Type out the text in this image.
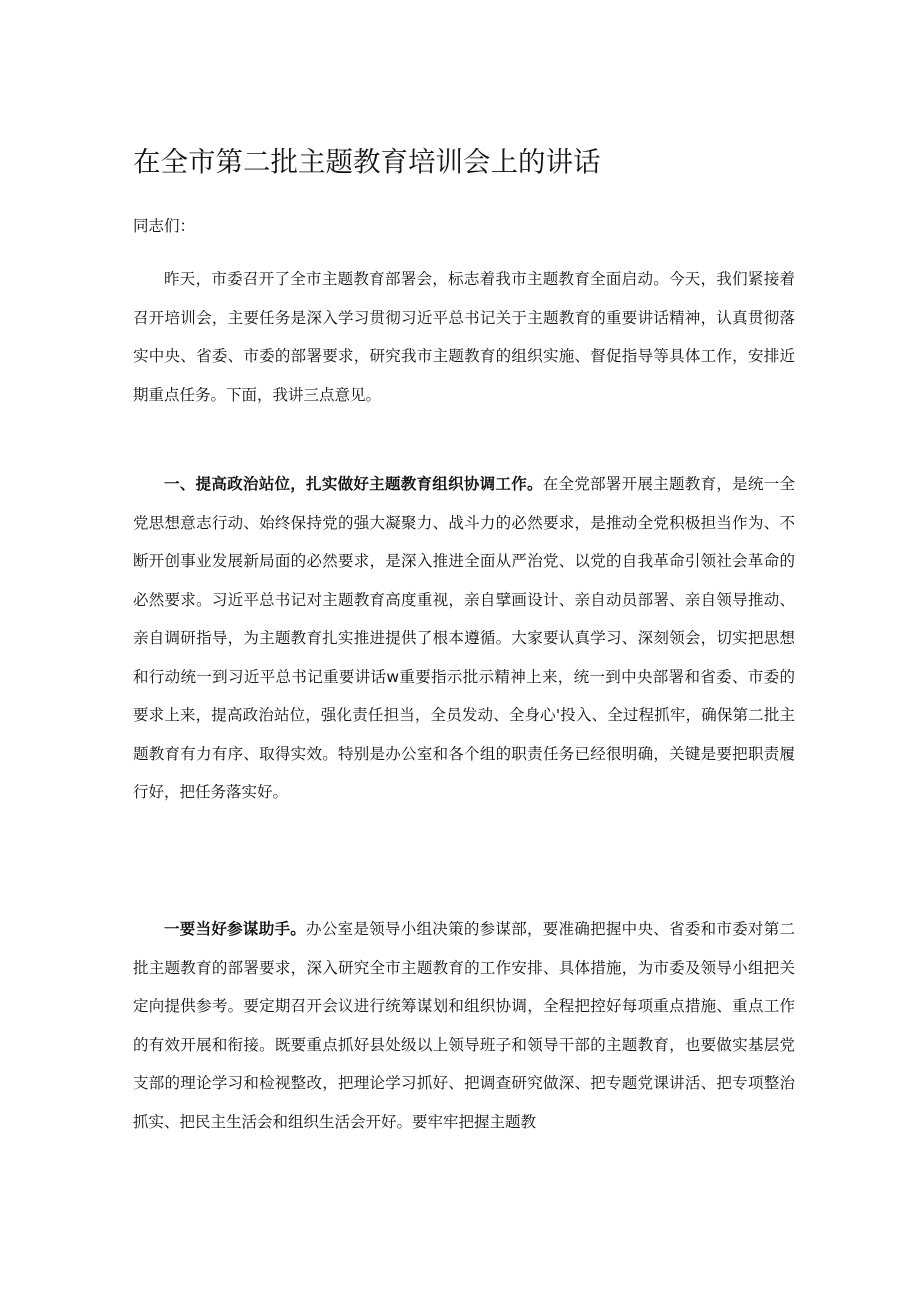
在全市第二批主题教育培训会上的讲话

同志们：

昨天，市委召开了全市主题教育部署会，标志着我市主题教育全面启动。今天，我们紧接着召开培训会，主要任务是深入学习贯彻习近平总书记关于主题教育的重要讲话精神，认真贯彻落实中央、省委、市委的部署要求，研究我市主题教育的组织实施、督促指导等具体工作，安排近期重点任务。下面，我讲三点意见。

一、提高政治站位，扎实做好主题教育组织协调工作。在全党部署开展主题教育，是统一全党思想意志行动、始终保持党的强大凝聚力、战斗力的必然要求，是推动全党积极担当作为、不断开创事业发展新局面的必然要求，是深入推进全面从严治党、以党的自我革命引领社会革命的必然要求。习近平总书记对主题教育高度重视，亲自擘画设计、亲自动员部署、亲自领导推动、亲自调研指导，为主题教育扎实推进提供了根本遵循。大家要认真学习、深刻领会，切实把思想和行动统一到习近平总书记重要讲话w重要指示批示精神上来，统一到中央部署和省委、市委的要求上来，提高政治站位，强化责任担当，全员发动、全身心'投入、全过程抓牢，确保第二批主题教育有力有序、取得实效。特别是办公室和各个组的职责任务已经很明确，关键是要把职责履行好，把任务落实好。

一要当好参谋助手。办公室是领导小组决策的参谋部，要准确把握中央、省委和市委对第二批主题教育的部署要求，深入研究全市主题教育的工作安排、具体措施，为市委及领导小组把关定向提供参考。要定期召开会议进行统筹谋划和组织协调，全程把控好每项重点措施、重点工作的有效开展和衔接。既要重点抓好县处级以上领导班子和领导干部的主题教育，也要做实基层党支部的理论学习和检视整改，把理论学习抓好、把调查研究做深、把专题党课讲活、把专项整治抓实、把民主生活会和组织生活会开好。要牢牢把握主题教
